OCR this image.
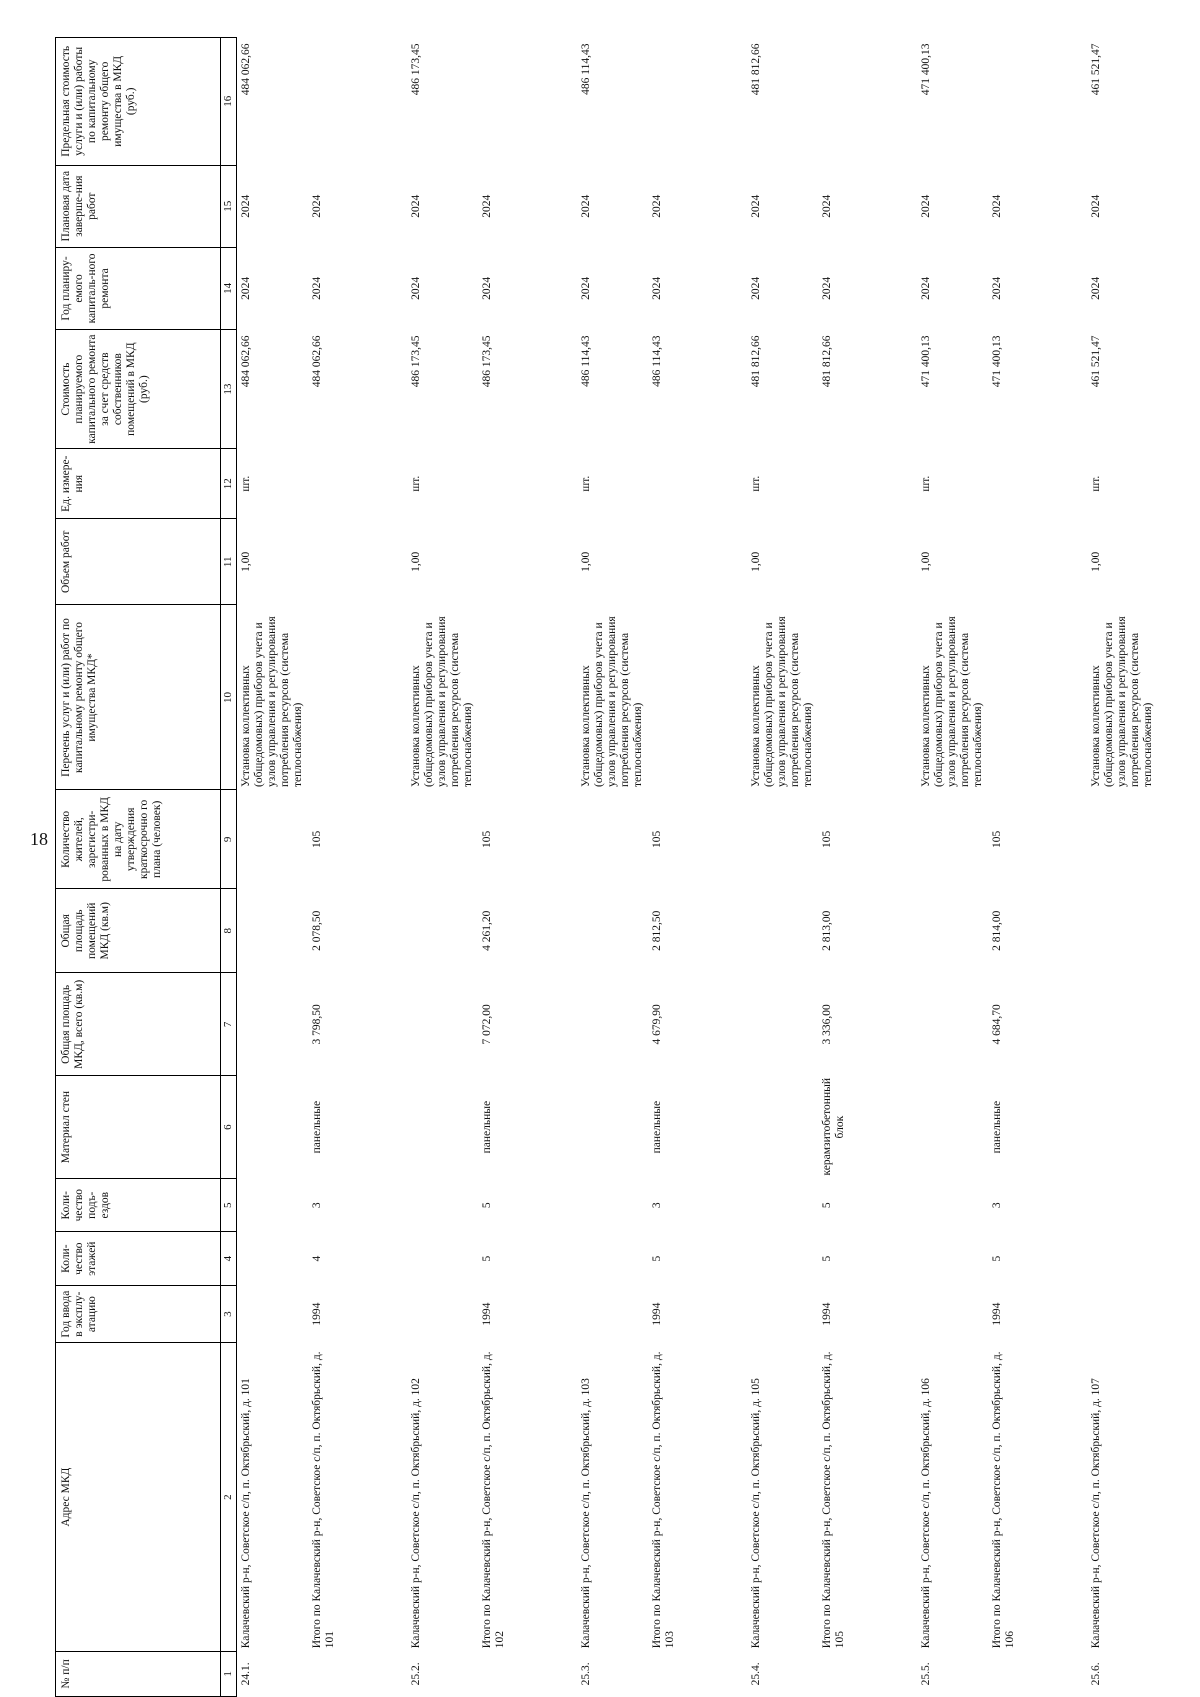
18
№ п/п	Адрес МКД	Год ввода в эксплу-атацию	Коли-чество этажей	Коли-чество подъ-ездов	Материал стен	Общая площадь МКД, всего (кв.м)	Общая площадь помещений МКД (кв.м)	Количество жителей, зарегистри-рованных в МКД на дату утверждения краткосрочно го плана (человек)	Перечень услуг и (или) работ по капитальному ремонту общего имущества МКД*	Объем работ	Ед. измере-ния	Стоимость планируемого капитального ремонта за счет средств собственников помещений в МКД (руб.)	Год планиру-емого капиталь-ного ремонта	Плановая дата заверше-ния работ	Предельная стоимость услуги и (или) работы по капитальному ремонту общего имущества в МКД (руб.)
1	2	3	4	5	6	7	8	9	10	11	12	13	14	15	16
24.1.	Калачевский р-н, Советское с/п, п. Октябрьский, д. 101								Установка коллективных (общедомовых) приборов учета и узлов управления и регулирования потребления ресурсов (система теплоснабжения)	1,00	шт.	484 062,66	2024	2024	484 062,66
	Итого по Калачевский р-н, Советское с/п, п. Октябрьский, д. 101	1994	4	3	панельные	3 798,50	2 078,50	105				484 062,66	2024	2024	
25.2.	Калачевский р-н, Советское с/п, п. Октябрьский, д. 102								Установка коллективных (общедомовых) приборов учета и узлов управления и регулирования потребления ресурсов (система теплоснабжения)	1,00	шт.	486 173,45	2024	2024	486 173,45
	Итого по Калачевский р-н, Советское с/п, п. Октябрьский, д. 102	1994	5	5	панельные	7 072,00	4 261,20	105				486 173,45	2024	2024	
25.3.	Калачевский р-н, Советское с/п, п. Октябрьский, д. 103								Установка коллективных (общедомовых) приборов учета и узлов управления и регулирования потребления ресурсов (система теплоснабжения)	1,00	шт.	486 114,43	2024	2024	486 114,43
	Итого по Калачевский р-н, Советское с/п, п. Октябрьский, д. 103	1994	5	3	панельные	4 679,90	2 812,50	105				486 114,43	2024	2024	
25.4.	Калачевский р-н, Советское с/п, п. Октябрьский, д. 105								Установка коллективных (общедомовых) приборов учета и узлов управления и регулирования потребления ресурсов (система теплоснабжения)	1,00	шт.	481 812,66	2024	2024	481 812,66
	Итого по Калачевский р-н, Советское с/п, п. Октябрьский, д. 105	1994	5	5	керамзитобетонный блок	3 336,00	2 813,00	105				481 812,66	2024	2024	
25.5.	Калачевский р-н, Советское с/п, п. Октябрьский, д. 106								Установка коллективных (общедомовых) приборов учета и узлов управления и регулирования потребления ресурсов (система теплоснабжения)	1,00	шт.	471 400,13	2024	2024	471 400,13
	Итого по Калачевский р-н, Советское с/п, п. Октябрьский, д. 106	1994	5	3	панельные	4 684,70	2 814,00	105				471 400,13	2024	2024	
25.6.	Калачевский р-н, Советское с/п, п. Октябрьский, д. 107								Установка коллективных (общедомовых) приборов учета и узлов управления и регулирования потребления ресурсов (система теплоснабжения)	1,00	шт.	461 521,47	2024	2024	461 521,47
